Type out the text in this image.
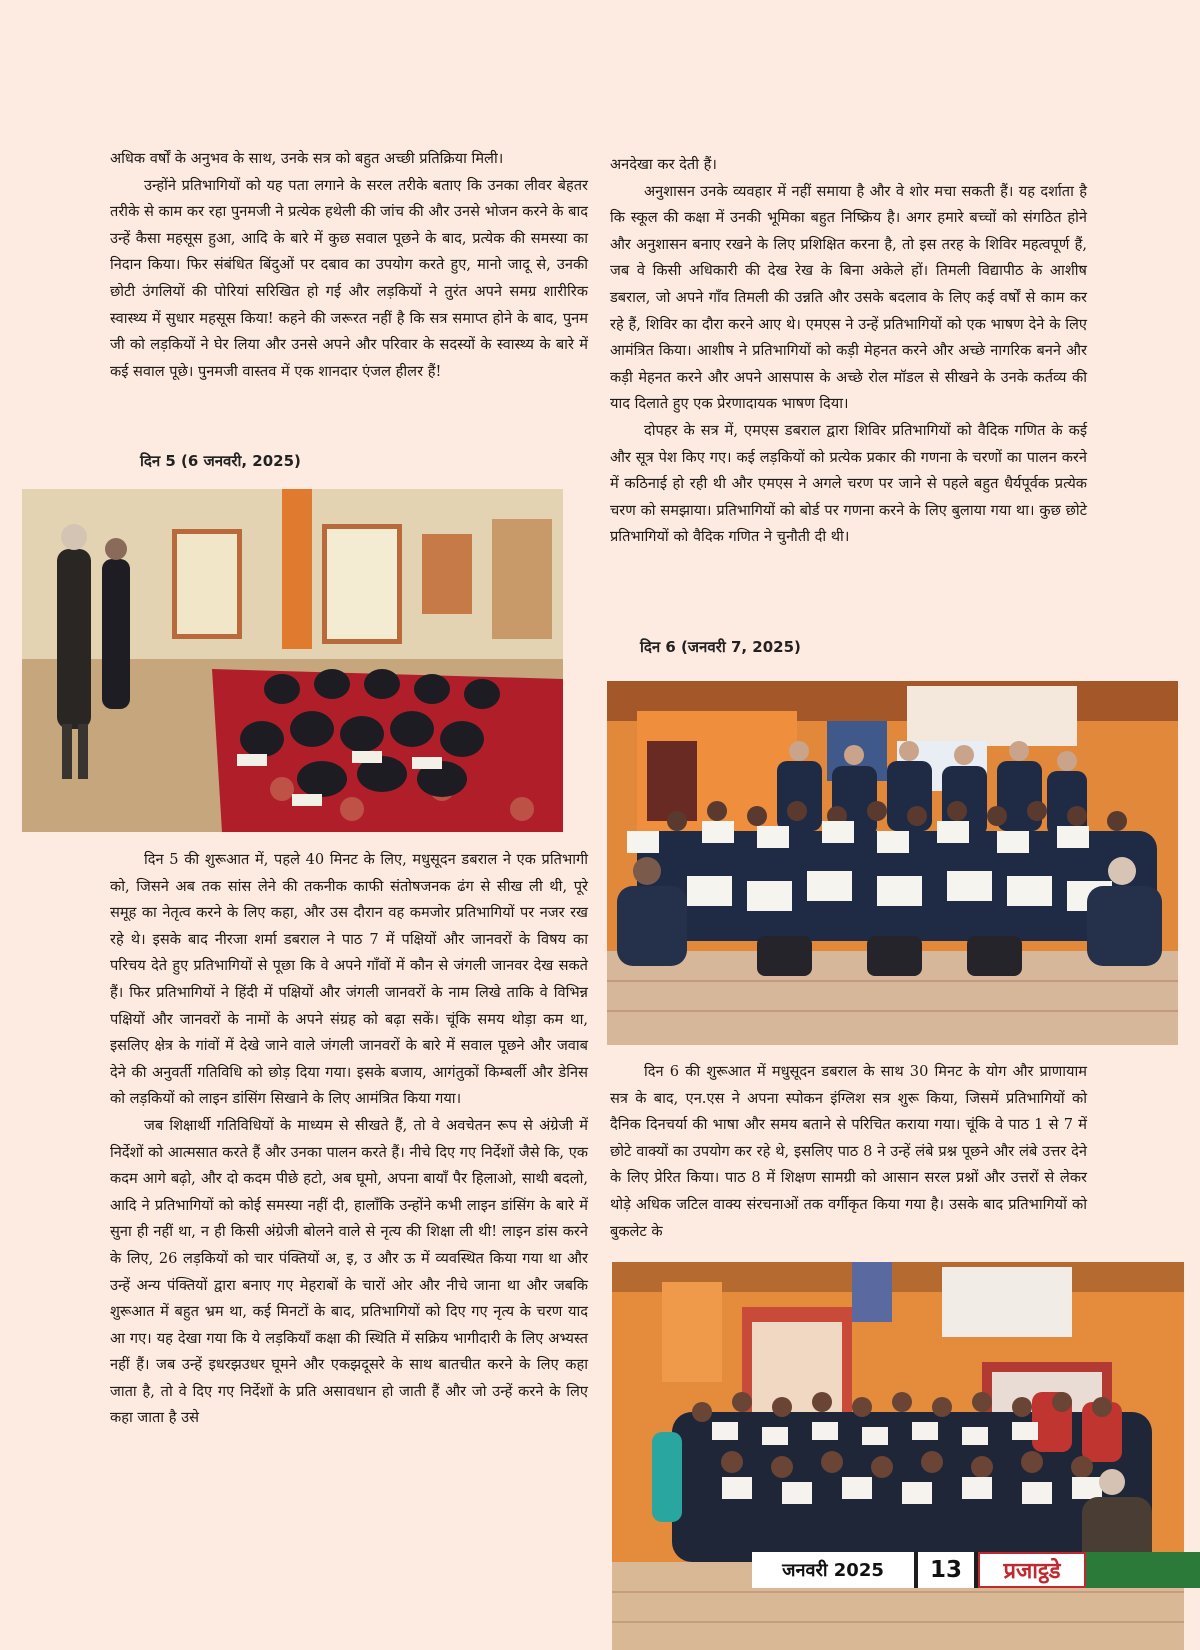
अधिक वर्षों के अनुभव के साथ, उनके सत्र को बहुत अच्छी प्रतिक्रिया मिली।

उन्होंने प्रतिभागियों को यह पता लगाने के सरल तरीके बताए कि उनका लीवर बेहतर तरीके से काम कर रहा पुनमजी ने प्रत्येक हथेली की जांच की और उनसे भोजन करने के बाद उन्हें कैसा महसूस हुआ, आदि के बारे में कुछ सवाल पूछने के बाद, प्रत्येक की समस्या का निदान किया। फिर संबंधित बिंदुओं पर दबाव का उपयोग करते हुए, मानो जादू से, उनकी छोटी उंगलियों की पोरियां सरिखित हो गई और लड़कियों ने तुरंत अपने समग्र शारीरिक स्वास्थ्य में सुधार महसूस किया! कहने की जरूरत नहीं है कि सत्र समाप्त होने के बाद, पुनम जी को लड़कियों ने घेर लिया और उनसे अपने और परिवार के सदस्यों के स्वास्थ्य के बारे में कई सवाल पूछे। पुनमजी वास्तव में एक शानदार एंजल हीलर हैं!

दिन 5 (6 जनवरी, 2025)

दिन 5 की शुरूआत में, पहले 40 मिनट के लिए, मधुसूदन डबराल ने एक प्रतिभागी को, जिसने अब तक सांस लेने की तकनीक काफी संतोषजनक ढंग से सीख ली थी, पूरे समूह का नेतृत्व करने के लिए कहा, और उस दौरान वह कमजोर प्रतिभागियों पर नजर रख रहे थे। इसके बाद नीरजा शर्मा डबराल ने पाठ 7 में पक्षियों और जानवरों के विषय का परिचय देते हुए प्रतिभागियों से पूछा कि वे अपने गाँवों में कौन से जंगली जानवर देख सकते हैं। फिर प्रतिभागियों ने हिंदी में पक्षियों और जंगली जानवरों के नाम लिखे ताकि वे विभिन्न पक्षियों और जानवरों के नामों के अपने संग्रह को बढ़ा सकें। चूंकि समय थोड़ा कम था, इसलिए क्षेत्र के गांवों में देखे जाने वाले जंगली जानवरों के बारे में सवाल पूछने और जवाब देने की अनुवर्ती गतिविधि को छोड़ दिया गया। इसके बजाय, आगंतुकों किम्बर्ली और डेनिस को लड़कियों को लाइन डांसिंग सिखाने के लिए आमंत्रित किया गया।

जब शिक्षार्थी गतिविधियों के माध्यम से सीखते हैं, तो वे अवचेतन रूप से अंग्रेजी में निर्देशों को आत्मसात करते हैं और उनका पालन करते हैं। नीचे दिए गए निर्देशों जैसे कि, एक कदम आगे बढ़ो, और दो कदम पीछे हटो, अब घूमो, अपना बायाँ पैर हिलाओ, साथी बदलो, आदि ने प्रतिभागियों को कोई समस्या नहीं दी, हालाँकि उन्होंने कभी लाइन डांसिंग के बारे में सुना ही नहीं था, न ही किसी अंग्रेजी बोलने वाले से नृत्य की शिक्षा ली थी! लाइन डांस करने के लिए, 26 लड़कियों को चार पंक्तियों अ, इ, उ और ऊ में व्यवस्थित किया गया था और उन्हें अन्य पंक्तियों द्वारा बनाए गए मेहराबों के चारों ओर और नीचे जाना था और जबकि शुरूआत में बहुत भ्रम था, कई मिनटों के बाद, प्रतिभागियों को दिए गए नृत्य के चरण याद आ गए। यह देखा गया कि ये लड़कियाँ कक्षा की स्थिति में सक्रिय भागीदारी के लिए अभ्यस्त नहीं हैं। जब उन्हें इधरझउधर घूमने और एकझदूसरे के साथ बातचीत करने के लिए कहा जाता है, तो वे दिए गए निर्देशों के प्रति असावधान हो जाती हैं और जो उन्हें करने के लिए कहा जाता है उसे

अनदेखा कर देती हैं।

अनुशासन उनके व्यवहार में नहीं समाया है और वे शोर मचा सकती हैं। यह दर्शाता है कि स्कूल की कक्षा में उनकी भूमिका बहुत निष्क्रिय है। अगर हमारे बच्चों को संगठित होने और अनुशासन बनाए रखने के लिए प्रशिक्षित करना है, तो इस तरह के शिविर महत्वपूर्ण हैं, जब वे किसी अधिकारी की देख रेख के बिना अकेले हों। तिमली विद्यापीठ के आशीष डबराल, जो अपने गाँव तिमली की उन्नति और उसके बदलाव के लिए कई वर्षों से काम कर रहे हैं, शिविर का दौरा करने आए थे। एमएस ने उन्हें प्रतिभागियों को एक भाषण देने के लिए आमंत्रित किया। आशीष ने प्रतिभागियों को कड़ी मेहनत करने और अच्छे नागरिक बनने और कड़ी मेहनत करने और अपने आसपास के अच्छे रोल मॉडल से सीखने के उनके कर्तव्य की याद दिलाते हुए एक प्रेरणादायक भाषण दिया।

दोपहर के सत्र में, एमएस डबराल द्वारा शिविर प्रतिभागियों को वैदिक गणित के कई और सूत्र पेश किए गए। कई लड़कियों को प्रत्येक प्रकार की गणना के चरणों का पालन करने में कठिनाई हो रही थी और एमएस ने अगले चरण पर जाने से पहले बहुत धैर्यपूर्वक प्रत्येक चरण को समझाया। प्रतिभागियों को बोर्ड पर गणना करने के लिए बुलाया गया था। कुछ छोटे प्रतिभागियों को वैदिक गणित ने चुनौती दी थी।

दिन 6 (जनवरी 7, 2025)

दिन 6 की शुरूआत में मधुसूदन डबराल के साथ 30 मिनट के योग और प्राणायाम सत्र के बाद, एन.एस ने अपना स्पोकन इंग्लिश सत्र शुरू किया, जिसमें प्रतिभागियों को दैनिक दिनचर्या की भाषा और समय बताने से परिचित कराया गया। चूंकि वे पाठ 1 से 7 में छोटे वाक्यों का उपयोग कर रहे थे, इसलिए पाठ 8 ने उन्हें लंबे प्रश्न पूछने और लंबे उत्तर देने के लिए प्रेरित किया। पाठ 8 में शिक्षण सामग्री को आसान सरल प्रश्नों और उत्तरों से लेकर थोड़े अधिक जटिल वाक्य संरचनाओं तक वर्गीकृत किया गया है। उसके बाद प्रतिभागियों को बुकलेट के

जनवरी 2025	13	प्रजाट्ठडे
